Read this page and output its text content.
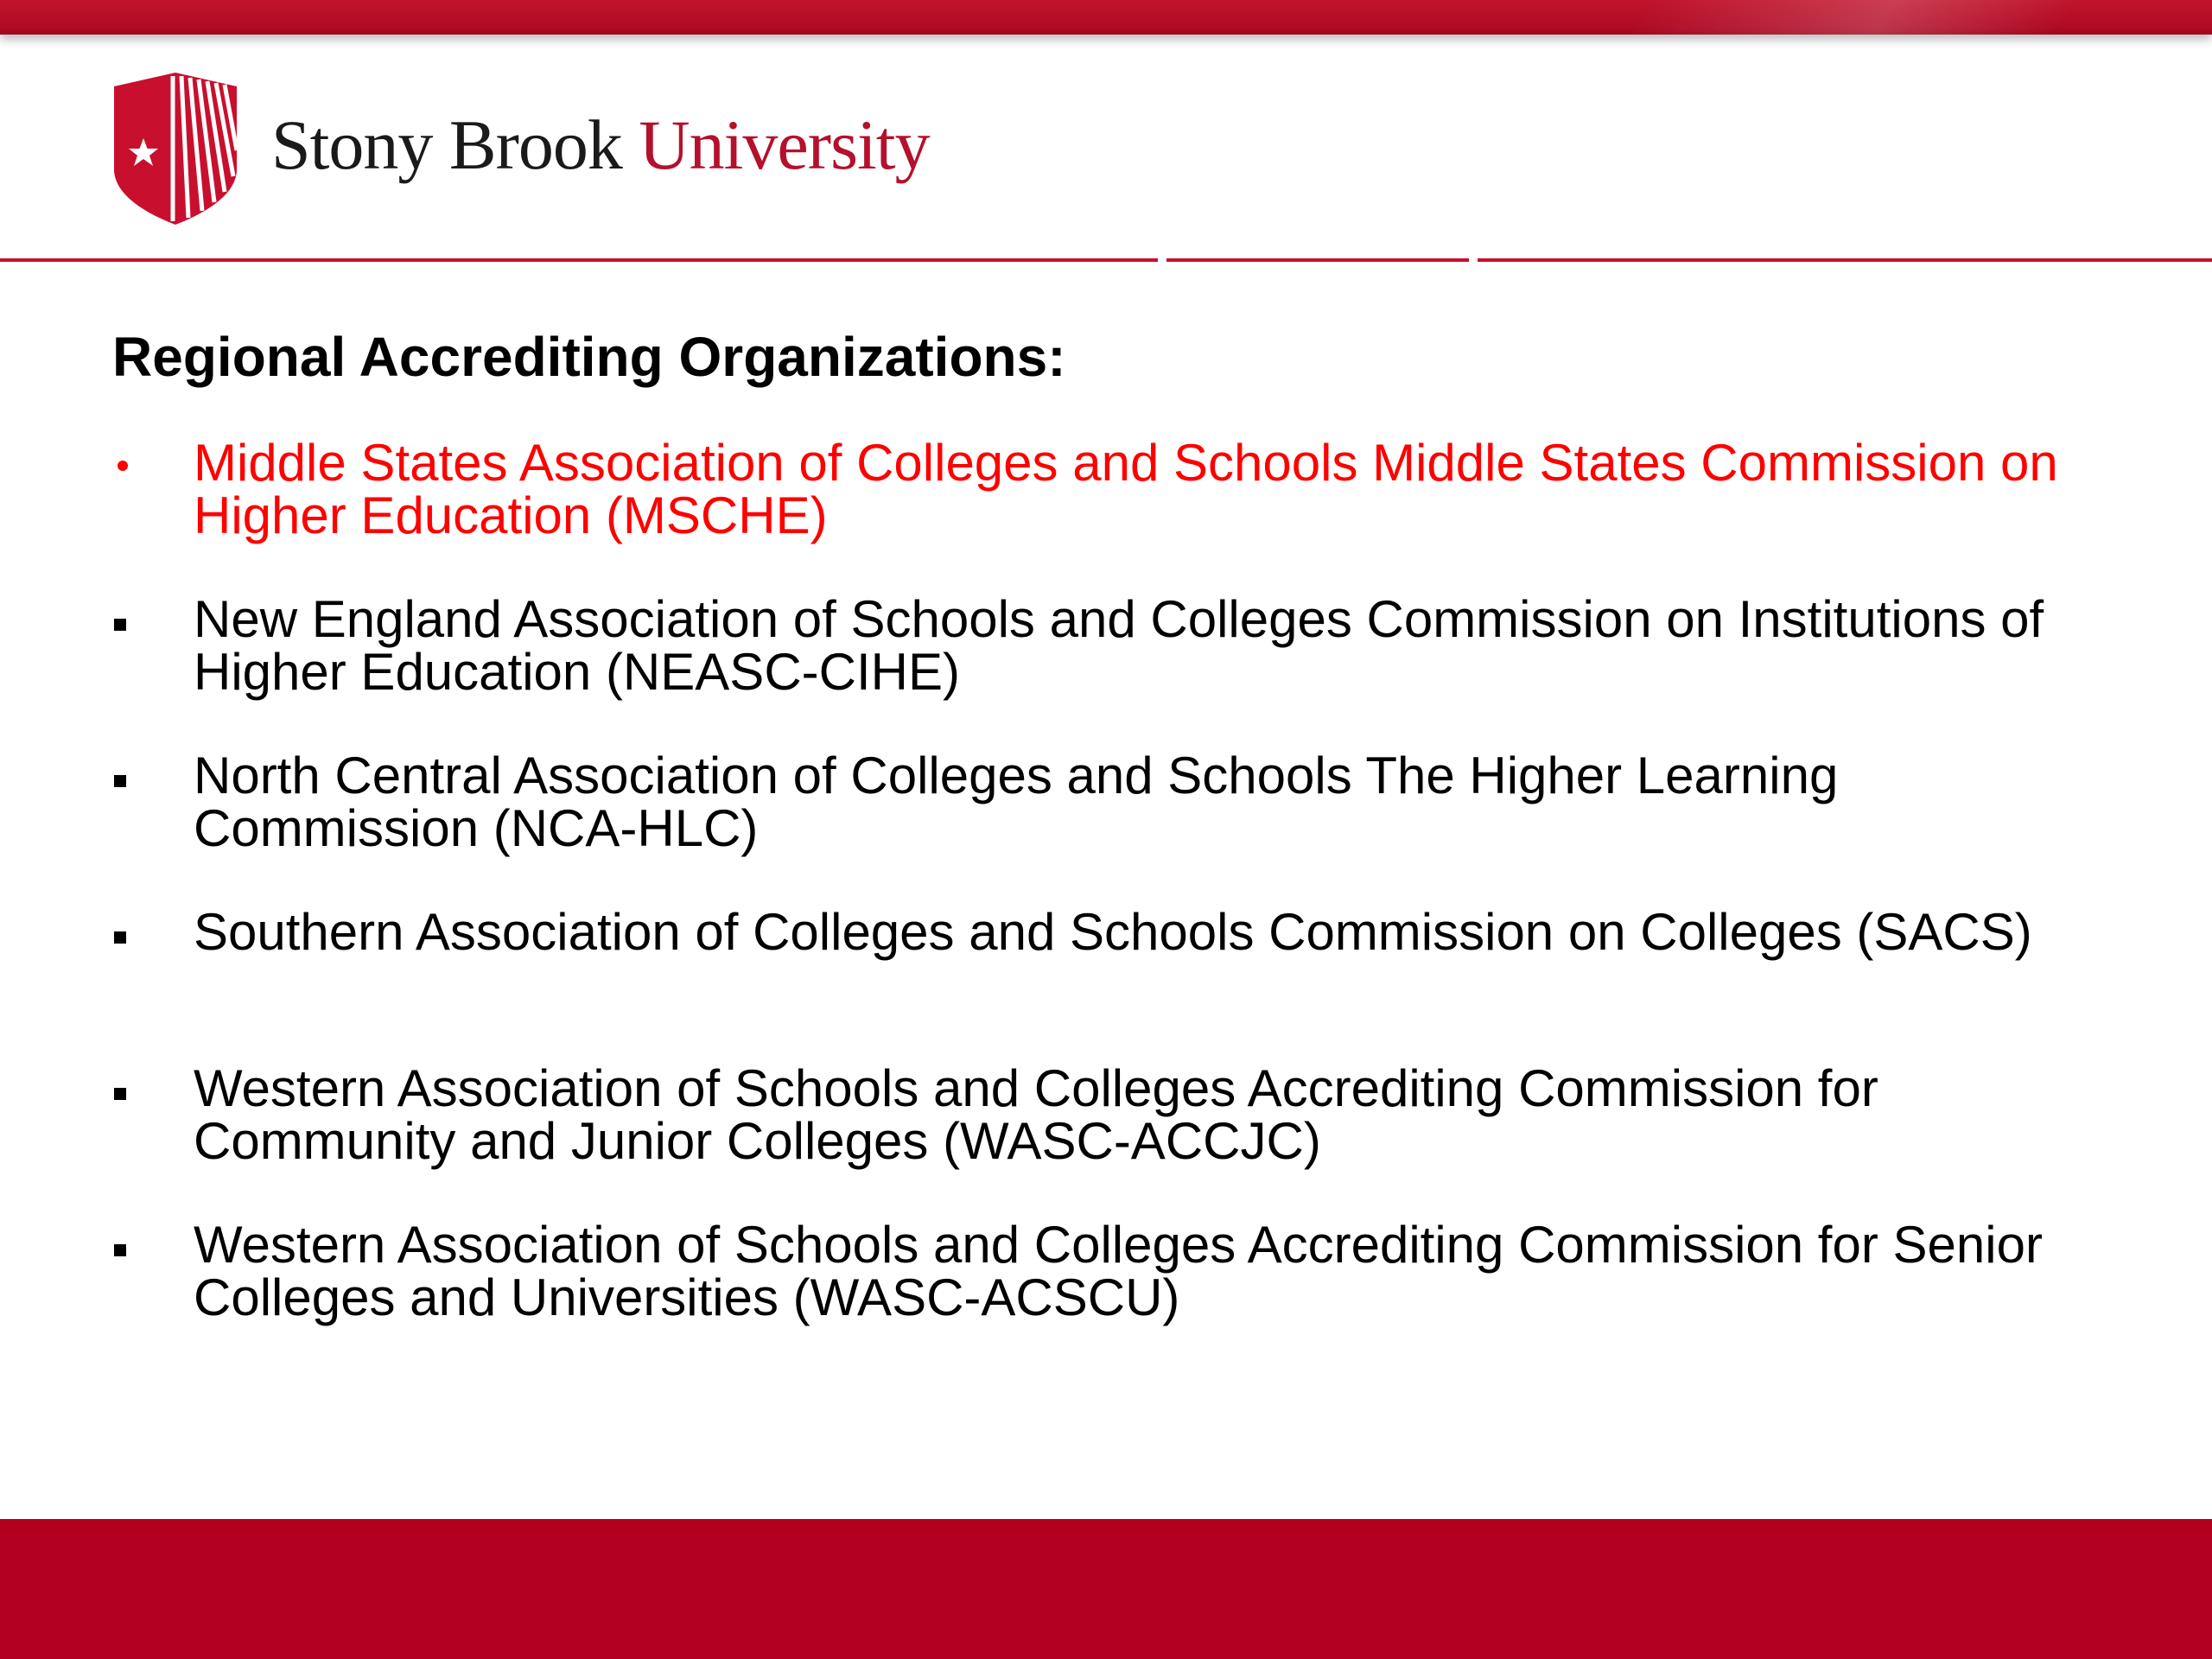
Stony Brook University
Regional Accrediting Organizations:
Middle States Association of Colleges and Schools Middle States Commission on Higher Education (MSCHE)
New England Association of Schools and Colleges Commission on Institutions of Higher Education (NEASC-CIHE)
North Central Association of Colleges and Schools The Higher Learning Commission (NCA-HLC)
Southern Association of Colleges and Schools Commission on Colleges (SACS)
Western Association of Schools and Colleges Accrediting Commission for Community and Junior Colleges (WASC-ACCJC)
Western Association of Schools and Colleges Accrediting Commission for Senior Colleges and Universities (WASC-ACSCU)
